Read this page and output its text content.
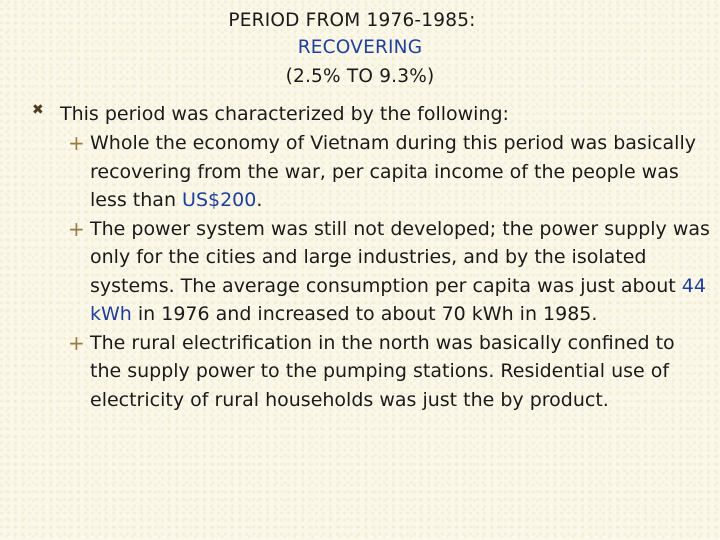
PERIOD FROM 1976-1985:
RECOVERING
(2.5% TO 9.3%)
✖ This period was characterized by the following:
+ Whole the economy of Vietnam during this period was basically recovering from the war, per capita income of the people was less than US$200.
+ The power system was still not developed; the power supply was only for the cities and large industries, and by the isolated systems. The average consumption per capita was just about 44 kWh in 1976 and increased to about 70 kWh in 1985.
+ The rural electrification in the north was basically confined to the supply power to the pumping stations. Residential use of electricity of rural households was just the by product.
